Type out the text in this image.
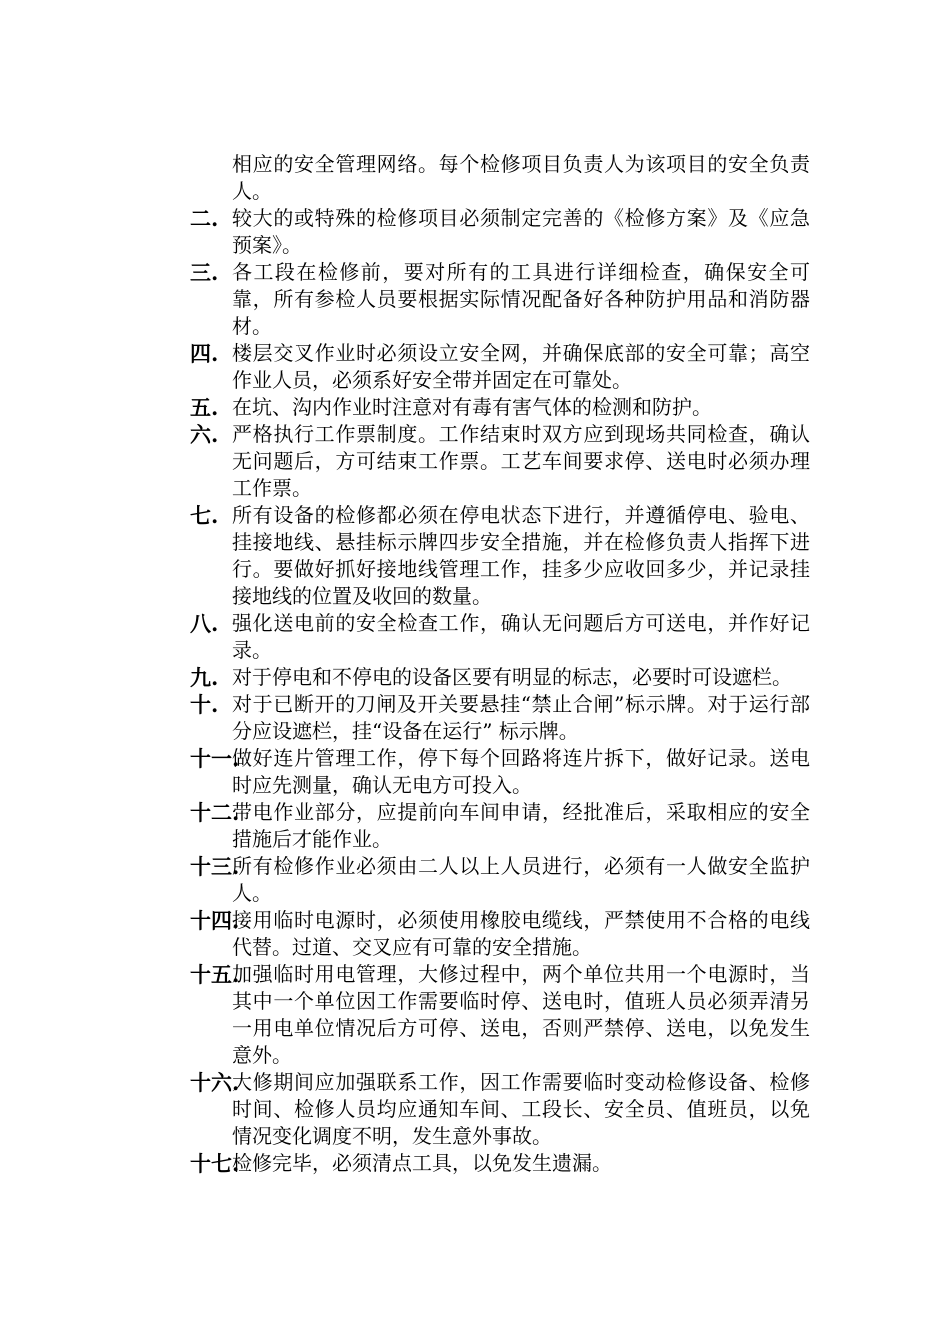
相应的安全管理网络。每个检修项目负责人为该项目的安全负责人。
二. 较大的或特殊的检修项目必须制定完善的《检修方案》及《应急预案》。
三. 各工段在检修前，要对所有的工具进行详细检查，确保安全可靠，所有参检人员要根据实际情况配备好各种防护用品和消防器材。
四. 楼层交叉作业时必须设立安全网，并确保底部的安全可靠；高空作业人员，必须系好安全带并固定在可靠处。
五. 在坑、沟内作业时注意对有毒有害气体的检测和防护。
六. 严格执行工作票制度。工作结束时双方应到现场共同检查，确认无问题后，方可结束工作票。工艺车间要求停、送电时必须办理工作票。
七. 所有设备的检修都必须在停电状态下进行，并遵循停电、验电、挂接地线、悬挂标示牌四步安全措施，并在检修负责人指挥下进行。要做好抓好接地线管理工作，挂多少应收回多少，并记录挂接地线的位置及收回的数量。
八. 强化送电前的安全检查工作，确认无问题后方可送电，并作好记录。
九. 对于停电和不停电的设备区要有明显的标志，必要时可设遮栏。
十. 对于已断开的刀闸及开关要悬挂“禁止合闸”标示牌。对于运行部分应设遮栏，挂“设备在运行” 标示牌。
十一.
做好连片管理工作，停下每个回路将连片拆下，做好记录。送电时应先测量，确认无电方可投入。
十二.
带电作业部分，应提前向车间申请，经批准后，采取相应的安全措施后才能作业。
十三.
所有检修作业必须由二人以上人员进行，必须有一人做安全监护人。
十四.
接用临时电源时，必须使用橡胶电缆线，严禁使用不合格的电线代替。过道、交叉应有可靠的安全措施。
十五.
加强临时用电管理，大修过程中，两个单位共用一个电源时，当其中一个单位因工作需要临时停、送电时，值班人员必须弄清另一用电单位情况后方可停、送电，否则严禁停、送电，以免发生意外。
十六.
大修期间应加强联系工作，因工作需要临时变动检修设备、检修时间、检修人员均应通知车间、工段长、安全员、值班员，以免情况变化调度不明，发生意外事故。
十七.
检修完毕，必须清点工具，以免发生遗漏。
